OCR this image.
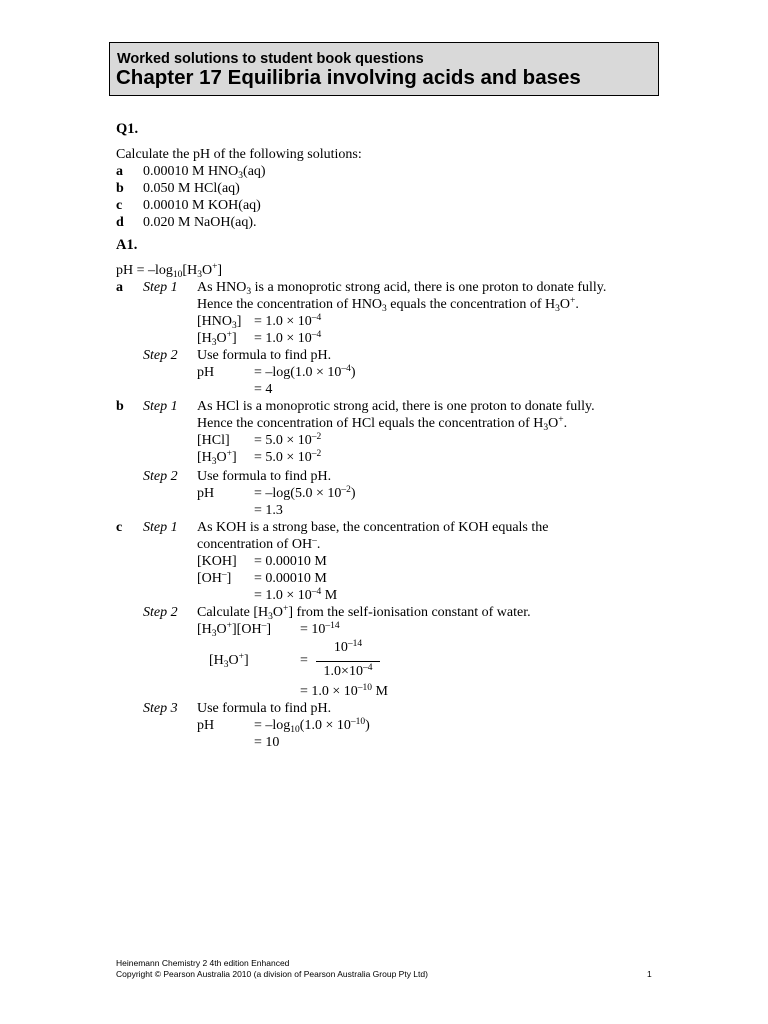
Worked solutions to student book questions
Chapter 17 Equilibria involving acids and bases
Q1.
Calculate the pH of the following solutions:
a 0.00010 M $HNO_3(aq)$
b 0.050 M HCl(aq)
c 0.00010 M KOH(aq)
d 0.020 M NaOH(aq).
A1.
pH = $-\log_{10}[H_3O^+]$
a Step 1 As $HNO_3$ is a monoprotic strong acid, there is one proton to donate fully.
Hence the concentration of $HNO_3$ equals the concentration of $H_3O^+$.
$[HNO_3] = 1.0 \times 10^{-4}$
$[H_3O^+] = 1.0 \times 10^{-4}$
Step 2 Use formula to find pH.
pH	= $-\log(1.0 \times 10^{-4})$
= 4
b Step 1 As HCl is a monoprotic strong acid, there is one proton to donate fully.
Hence the concentration of HCl equals the concentration of $H_3O^+$.
$[HCl] = 5.0 \times 10^{-2}$
$[H_3O^+] = 5.0 \times 10^{-2}$
Step 2 Use formula to find pH.
pH	= $-\log(5.0 \times 10^{-2})$
= 1.3
c Step 1 As KOH is a strong base, the concentration of KOH equals the
concentration of OH–.
[KOH] = 0.00010 M
[OH–] = 0.00010 M
= $1.0 \times 10^{-4}$ M
Step 2 Calculate $[H_3O^+]$ from the self-ionisation constant of water.
$[H_3O^+][OH^-] = 10^{-14}$
$[H_3O^+]$	=
$10^{-14}$
$1.0\times 10^{-4}$
= $1.0 \times 10^{-10}$ M
Step 3 Use formula to find pH.
pH	= $-\log_{10}(1.0 \times 10^{-10})$
= 10
Heinemann Chemistry 2 4th edition Enhanced
Copyright © Pearson Australia 2010 (a division of Pearson Australia Group Pty Ltd)	1
